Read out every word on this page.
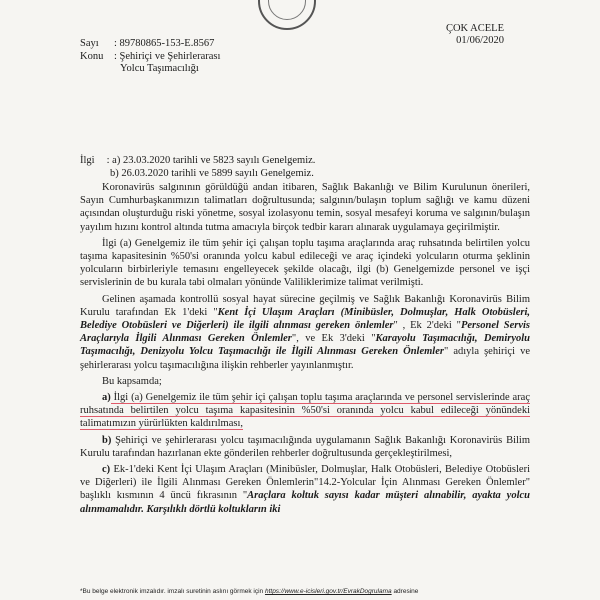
ÇOK ACELE
01/06/2020
Sayı	: 89780865-153-E.8567
Konu	: Şehiriçi ve Şehirlerarası
Yolcu Taşımacılığı
İlgi : a) 23.03.2020 tarihli ve 5823 sayılı Genelgemiz.
b) 26.03.2020 tarihli ve 5899 sayılı Genelgemiz.

Koronavirüs salgınının görüldüğü andan itibaren, Sağlık Bakanlığı ve Bilim Kurulunun önerileri, Sayın Cumhurbaşkanımızın talimatları doğrultusunda; salgının/bulaşın toplum sağlığı ve kamu düzeni açısından oluşturduğu riski yönetme, sosyal izolasyonu temin, sosyal mesafeyi koruma ve salgının/bulaşın yayılım hızını kontrol altında tutma amacıyla birçok tedbir kararı alınarak uygulamaya geçirilmiştir.

İlgi (a) Genelgemiz ile tüm şehir içi çalışan toplu taşıma araçlarında araç ruhsatında belirtilen yolcu taşıma kapasitesinin %50'si oranında yolcu kabul edileceği ve araç içindeki yolcuların oturma şeklinin yolcuların birbirleriyle temasını engelleyecek şekilde olacağı, ilgi (b) Genelgemizde personel ve işçi servislerinin de bu kurala tabi olmaları yönünde Valiliklerimize talimat verilmişti.

Gelinen aşamada kontrollü sosyal hayat sürecine geçilmiş ve Sağlık Bakanlığı Koronavirüs Bilim Kurulu tarafından Ek 1'deki "Kent İçi Ulaşım Araçları (Minibüsler, Dolmuşlar, Halk Otobüsleri, Belediye Otobüsleri ve Diğerleri) ile ilgili alınması gereken önlemler" , Ek 2'deki "Personel Servis Araçlarıyla İlgili Alınması Gereken Önlemler", ve Ek 3'deki "Karayolu Taşımacılığı, Demiryolu Taşımacılığı, Denizyolu Yolcu Taşımacılığı ile İlgili Alınması Gereken Önlemler" adıyla şehiriçi ve şehirlerarası yolcu taşımacılığına ilişkin rehberler yayınlanmıştır.

Bu kapsamda;

a) İlgi (a) Genelgemiz ile tüm şehir içi çalışan toplu taşıma araçlarında ve personel servislerinde araç ruhsatında belirtilen yolcu taşıma kapasitesinin %50'si oranında yolcu kabul edileceği yönündeki talimatımızın yürürlükten kaldırılması,

b) Şehiriçi ve şehirlerarası yolcu taşımacılığında uygulamanın Sağlık Bakanlığı Koronavirüs Bilim Kurulu tarafından hazırlanan ekte gönderilen rehberler doğrultusunda gerçekleştirilmesi,

c) Ek-1'deki Kent İçi Ulaşım Araçları (Minibüsler, Dolmuşlar, Halk Otobüsleri, Belediye Otobüsleri ve Diğerleri) ile İlgili Alınması Gereken Önlemlerin"14.2-Yolcular İçin Alınması Gereken Önlemler" başlıklı kısmının 4 üncü fıkrasının "Araçlara koltuk sayısı kadar müşteri alınabilir, ayakta yolcu alınmamalıdır. Karşılıklı dörtlü koltukların iki

*Bu belge elektronik imzalıdır. imzalı suretinin aslını görmek için https://www.e-icisleri.gov.tr/EvrakDogrulama adresine
